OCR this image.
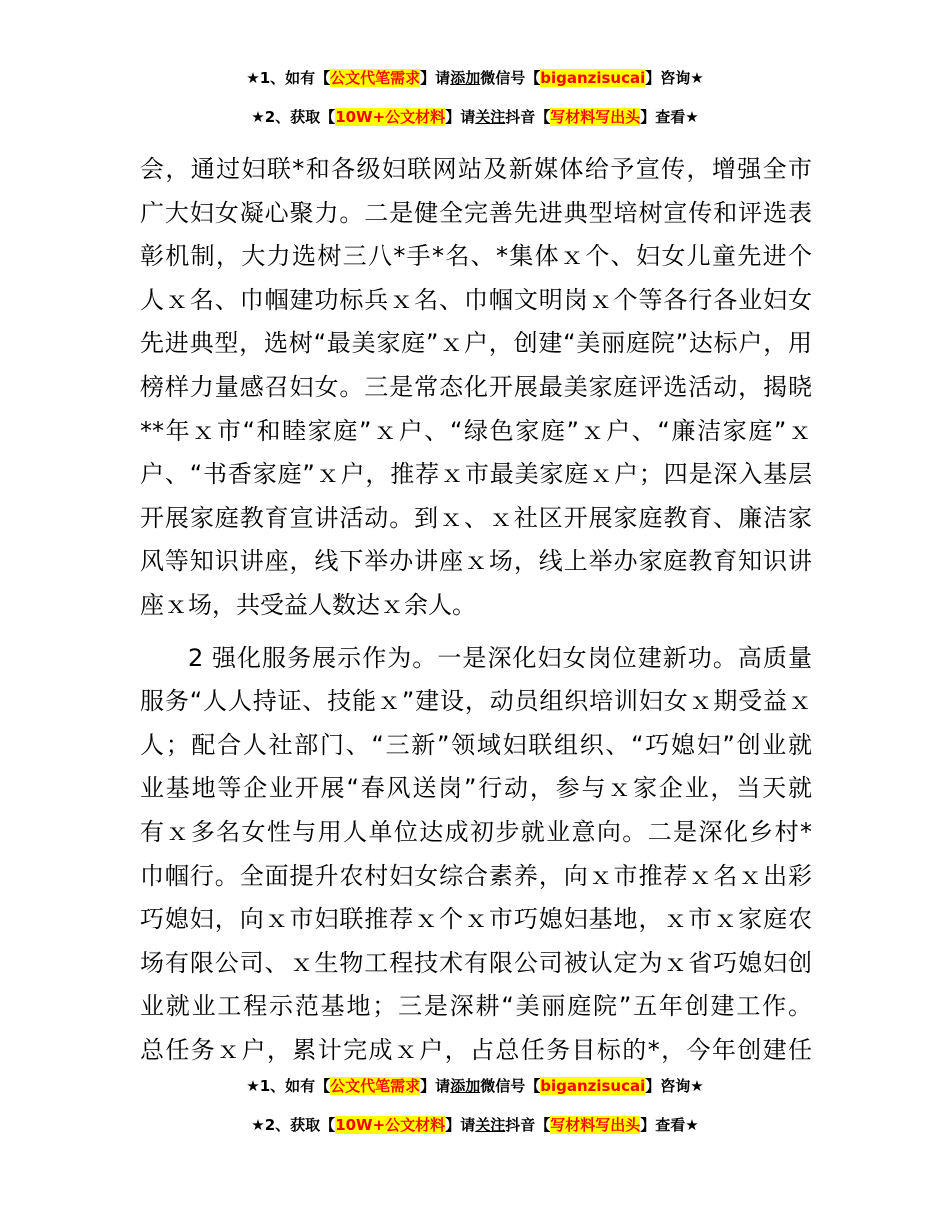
★1、如有【公文代笔需求】请添加微信号【biganzisucai】咨询★
★2、获取【10W+公文材料】请关注抖音【写材料写出头】查看★
会，通过妇联*和各级妇联网站及新媒体给予宣传，增强全市
广大妇女凝心聚力。二是健全完善先进典型培树宣传和评选表
彰机制，大力选树三八*手*名、*集体ｘ个、妇女儿童先进个
人ｘ名、巾帼建功标兵ｘ名、巾帼文明岗ｘ个等各行各业妇女
先进典型，选树“最美家庭”ｘ户，创建“美丽庭院”达标户，用
榜样力量感召妇女。三是常态化开展最美家庭评选活动，揭晓
**年ｘ市“和睦家庭”ｘ户、“绿色家庭”ｘ户、“廉洁家庭”ｘ
户、“书香家庭”ｘ户，推荐ｘ市最美家庭ｘ户；四是深入基层
开展家庭教育宣讲活动。到ｘ、ｘ社区开展家庭教育、廉洁家
风等知识讲座，线下举办讲座ｘ场，线上举办家庭教育知识讲
座ｘ场，共受益人数达ｘ余人。
2 强化服务展示作为。一是深化妇女岗位建新功。高质量
服务“人人持证、技能ｘ”建设，动员组织培训妇女ｘ期受益ｘ
人；配合人社部门、“三新”领域妇联组织、“巧媳妇”创业就
业基地等企业开展“春风送岗”行动，参与ｘ家企业，当天就
有ｘ多名女性与用人单位达成初步就业意向。二是深化乡村*
巾帼行。全面提升农村妇女综合素养，向ｘ市推荐ｘ名ｘ出彩
巧媳妇，向ｘ市妇联推荐ｘ个ｘ市巧媳妇基地，ｘ市ｘ家庭农
场有限公司、ｘ生物工程技术有限公司被认定为ｘ省巧媳妇创
业就业工程示范基地；三是深耕“美丽庭院”五年创建工作。
总任务ｘ户，累计完成ｘ户，占总任务目标的*，今年创建任
★1、如有【公文代笔需求】请添加微信号【biganzisucai】咨询★
★2、获取【10W+公文材料】请关注抖音【写材料写出头】查看★
